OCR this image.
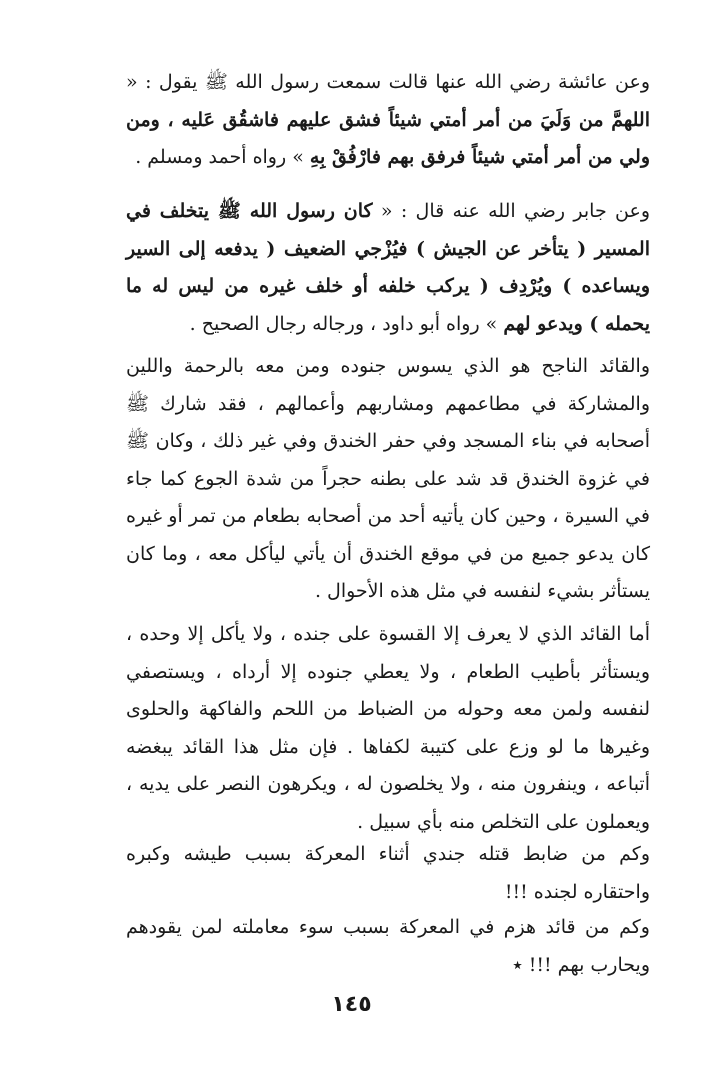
وعن عائشة رضي الله عنها قالت سمعت رسول الله ﷺ يقول : « اللهمَّ من وَلَيَ من أمر أمتي شيئاً فشق عليهم فاشقُق عَليه ، ومن ولي من أمر أمتي شيئاً فرفق بهم فارْفُقْ بِهِ » رواه أحمد ومسلم .

وعن جابر رضي الله عنه قال : « كان رسول الله ﷺ يتخلف في المسير ( يتأخر عن الجيش ) فيُزْجي الضعيف ( يدفعه إلى السير ويساعده ) ويُرْدِف ( يركب خلفه أو خلف غيره من ليس له ما يحمله ) ويدعو لهم » رواه أبو داود ، ورجاله رجال الصحيح .

والقائد الناجح هو الذي يسوس جنوده ومن معه بالرحمة واللين والمشاركة في مطاعمهم ومشاربهم وأعمالهم ، فقد شارك ﷺ أصحابه في بناء المسجد وفي حفر الخندق وفي غير ذلك ، وكان ﷺ في غزوة الخندق قد شد على بطنه حجراً من شدة الجوع كما جاء في السيرة ، وحين كان يأتيه أحد من أصحابه بطعام من تمر أو غيره كان يدعو جميع من في موقع الخندق أن يأتي ليأكل معه ، وما كان يستأثر بشيء لنفسه في مثل هذه الأحوال .

أما القائد الذي لا يعرف إلا القسوة على جنده ، ولا يأكل إلا وحده ، ويستأثر بأطيب الطعام ، ولا يعطي جنوده إلا أرداه ، ويستصفي لنفسه ولمن معه وحوله من الضباط من اللحم والفاكهة والحلوى وغيرها ما لو وزع على كتيبة لكفاها . فإن مثل هذا القائد يبغضه أتباعه ، وينفرون منه ، ولا يخلصون له ، ويكرهون النصر على يديه ، ويعملون على التخلص منه بأي سبيل .

وكم من ضابط قتله جندي أثناء المعركة بسبب طيشه وكبره واحتقاره لجنده !!!

وكم من قائد هزم في المعركة بسبب سوء معاملته لمن يقودهم ويحارب بهم !!! ٭

١٤٥
